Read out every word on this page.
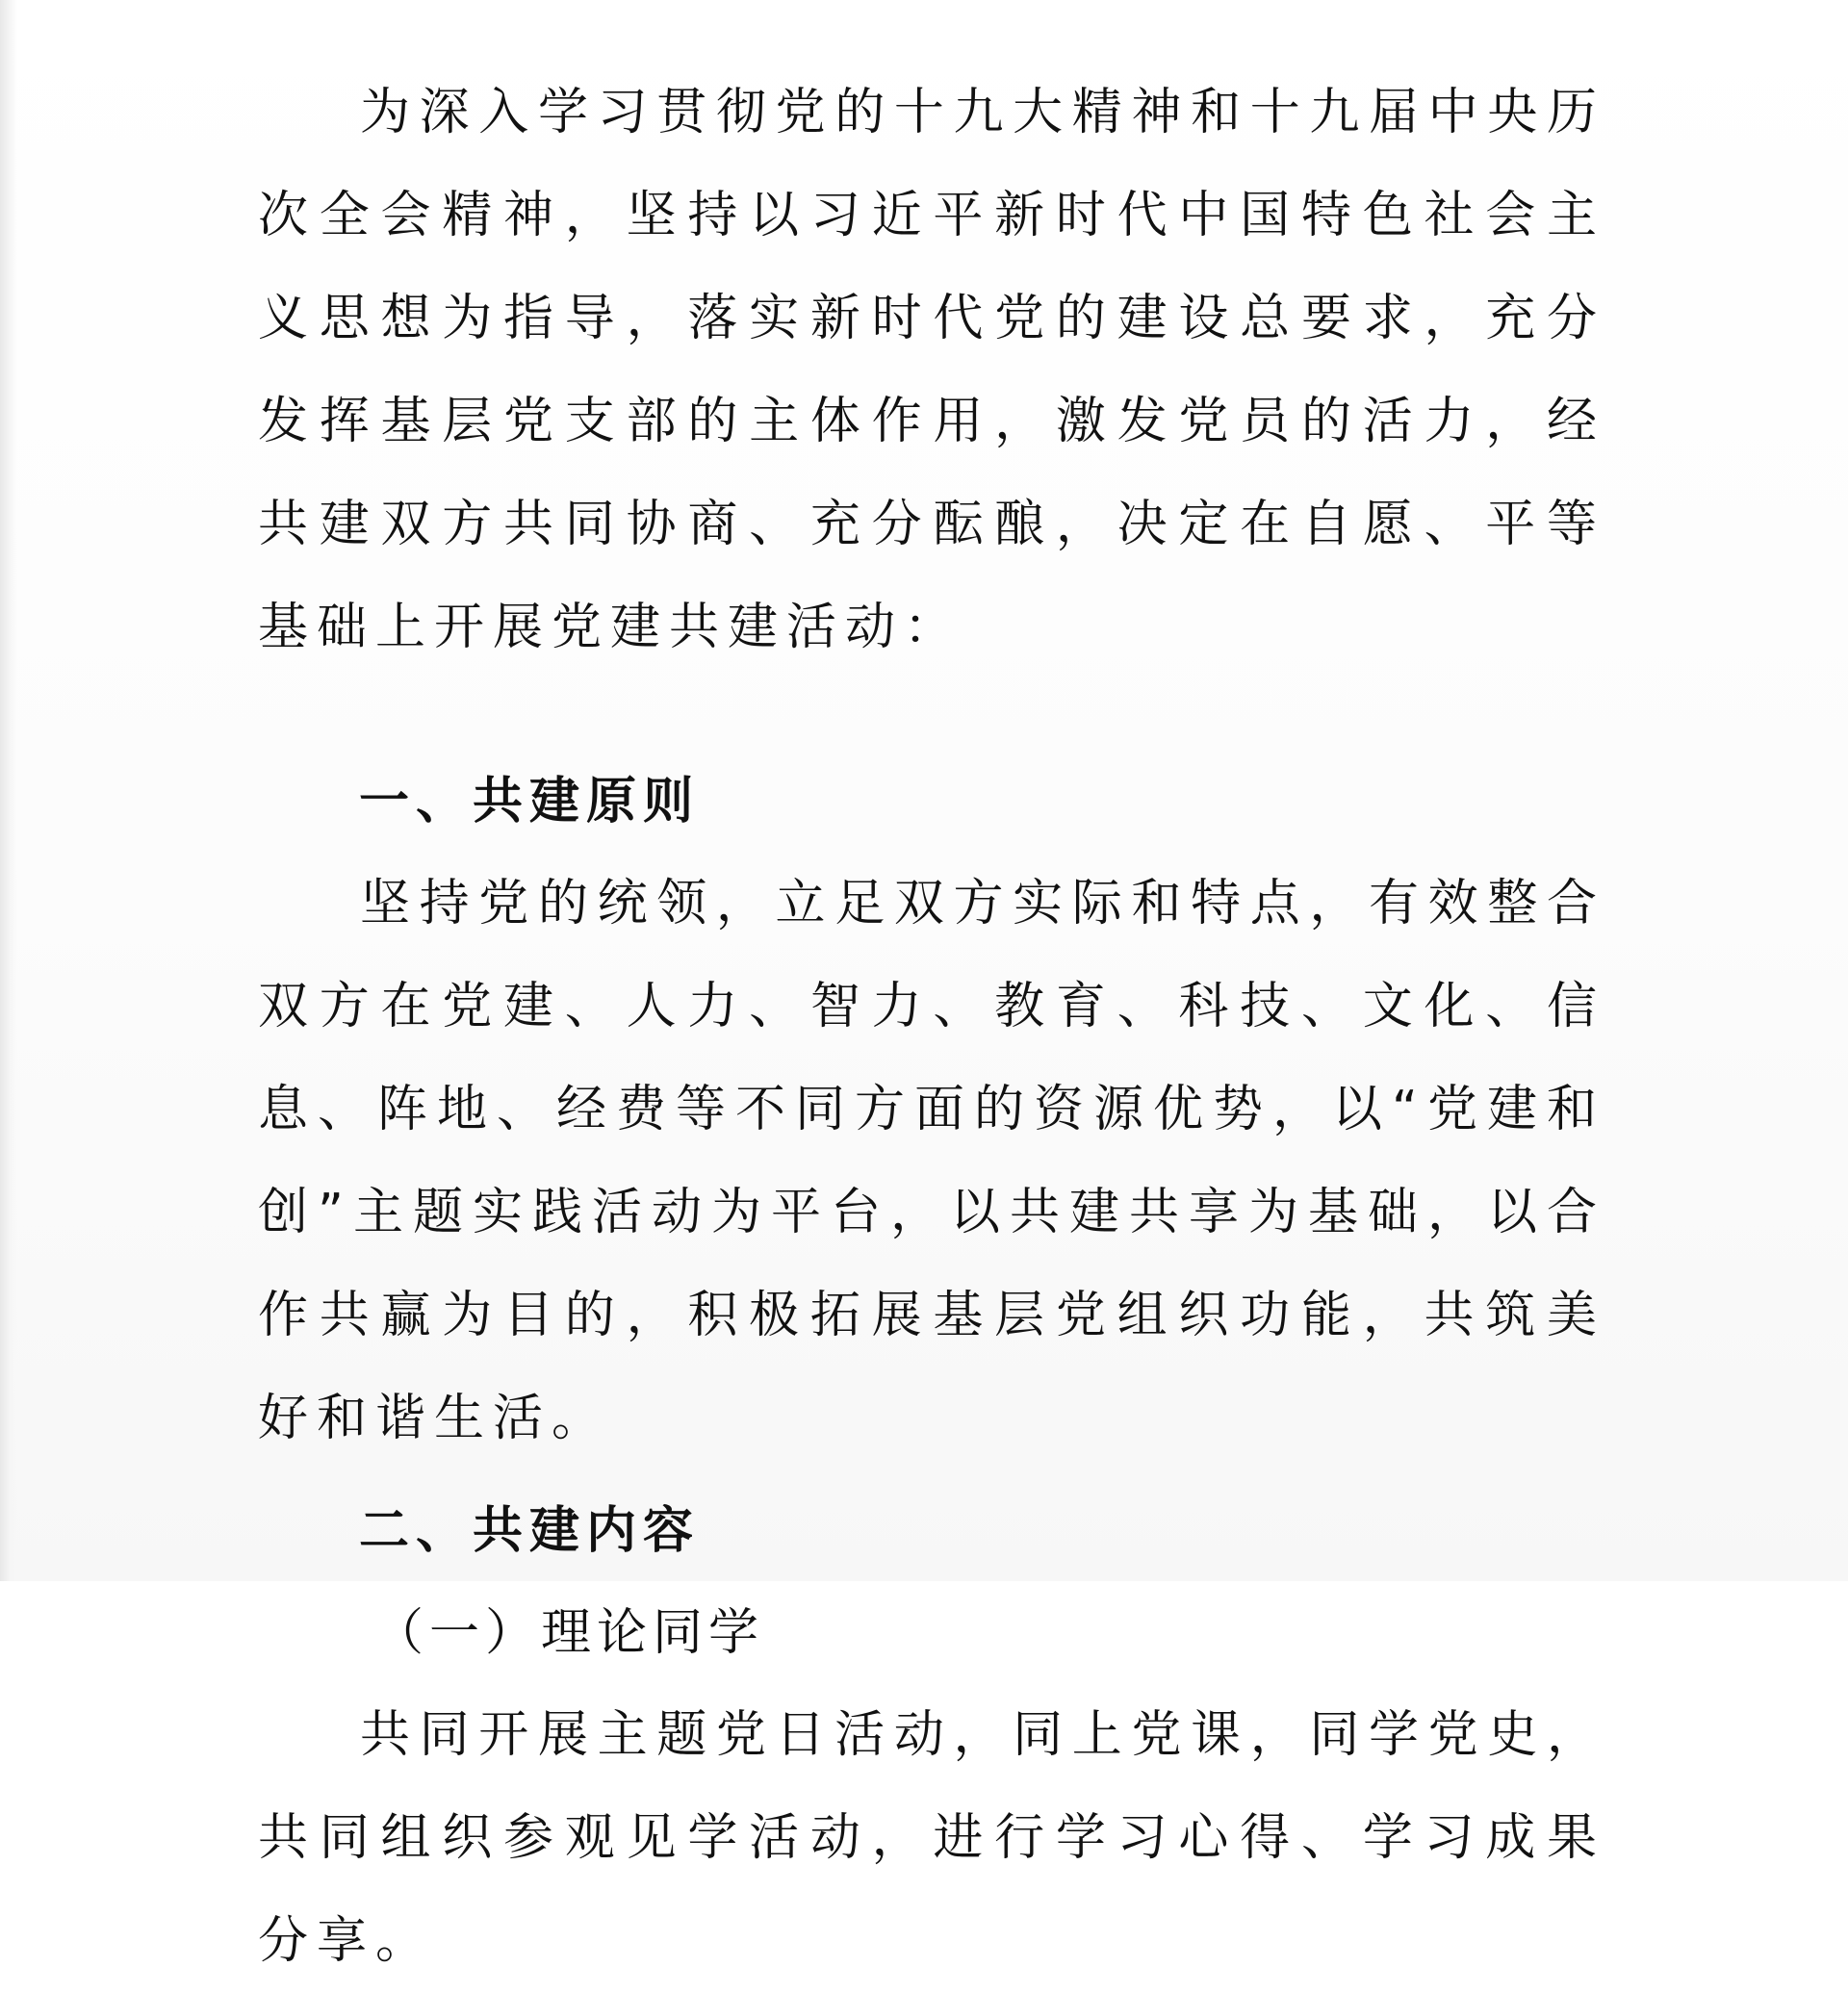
为深入学习贯彻党的十九大精神和十九届中央历次全会精神，坚持以习近平新时代中国特色社会主义思想为指导，落实新时代党的建设总要求，充分发挥基层党支部的主体作用，激发党员的活力，经共建双方共同协商、充分酝酿，决定在自愿、平等基础上开展党建共建活动：

一、共建原则

坚持党的统领，立足双方实际和特点，有效整合双方在党建、人力、智力、教育、科技、文化、信息、阵地、经费等不同方面的资源优势，以“党建和创”主题实践活动为平台，以共建共享为基础，以合作共赢为目的，积极拓展基层党组织功能，共筑美好和谐生活。

二、共建内容
（一）理论同学

共同开展主题党日活动，同上党课，同学党史，共同组织参观见学活动，进行学习心得、学习成果分享。
